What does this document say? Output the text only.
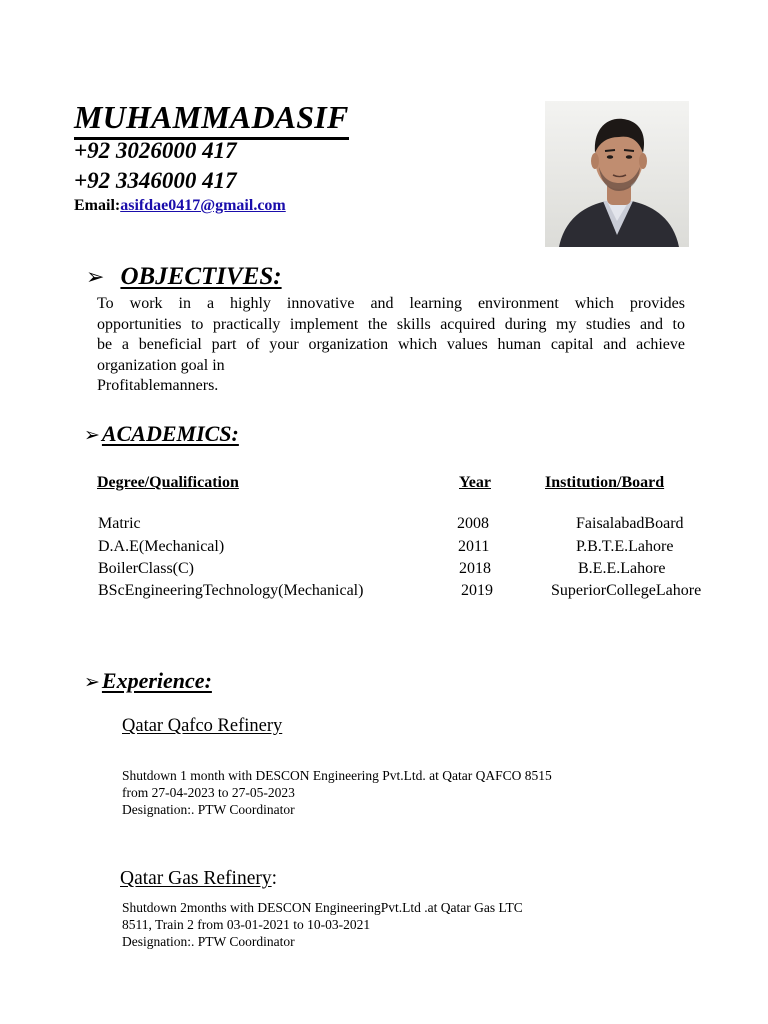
MUHAMMADASIF
+92 3026000 417
+92 3346000 417
Email:asifdae0417@gmail.com
➢ OBJECTIVES:
To work in a highly innovative and learning environment which provides
opportunities to practically implement the skills acquired during my studies and to
be a beneficial part of your organization which values human capital and achieve
organization goal in
Profitablemanners.
➢ACADEMICS:
Degree/Qualification	Year	Institution/Board
Matric	2008	FaisalabadBoard
D.A.E(Mechanical)	2011	P.B.T.E.Lahore
BoilerClass(C)	2018	B.E.E.Lahore
BScEngineeringTechnology(Mechanical)	2019	SuperiorCollegeLahore
➢Experience:
Qatar Qafco Refinery
Shutdown 1 month with DESCON Engineering Pvt.Ltd. at Qatar QAFCO 8515
from 27-04-2023 to 27-05-2023
Designation:. PTW Coordinator
Qatar Gas Refinery:
Shutdown 2months with DESCON EngineeringPvt.Ltd .at Qatar Gas LTC
8511, Train 2 from 03-01-2021 to 10-03-2021
Designation:. PTW Coordinator
